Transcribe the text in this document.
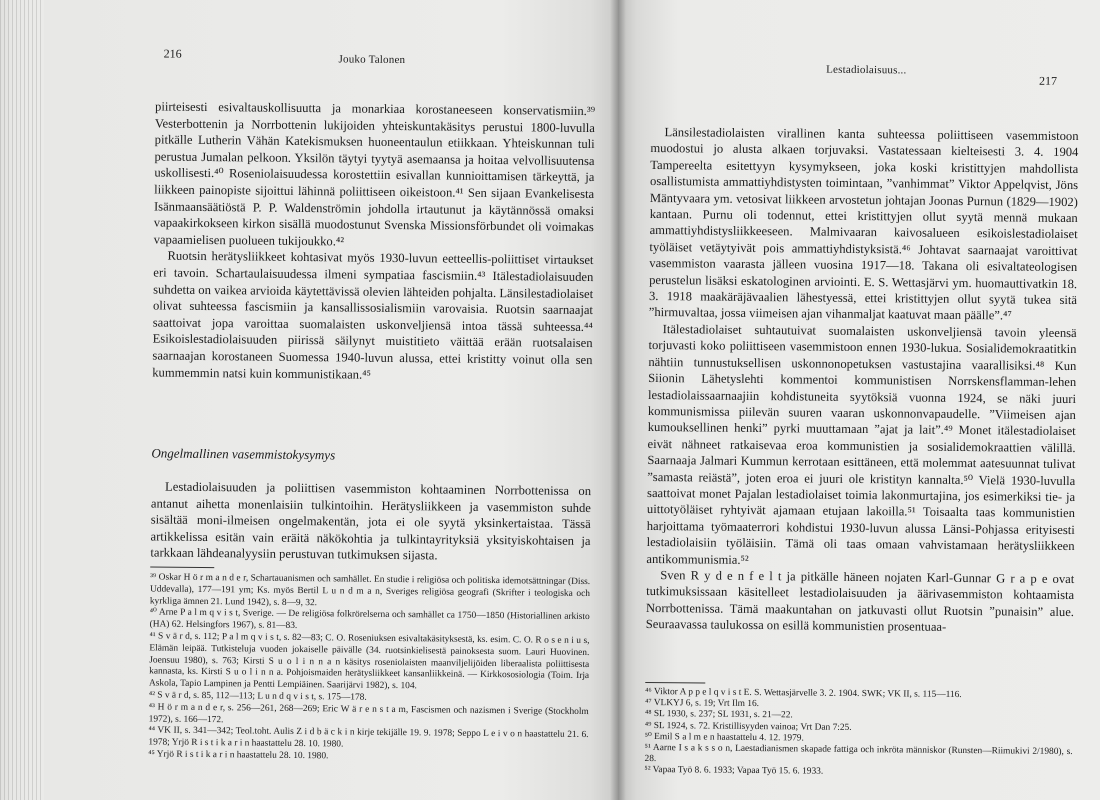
216	Jouko Talonen

piirteisesti esivaltauskollisuutta ja monarkiaa korostaneeseen konservatismiin.³⁹ Vesterbottenin ja Norrbottenin lukijoiden yhteiskuntakäsitys perustui 1800-luvulla pitkälle Lutherin Vähän Katekismuksen huoneentaulun etiikkaan. Yhteiskunnan tuli perustua Jumalan pelkoon. Yksilön täytyi tyytyä asemaansa ja hoitaa velvollisuutensa uskollisesti.⁴⁰ Roseniolaisuudessa korostettiin esivallan kunnioittamisen tärkeyttä, ja liikkeen painopiste sijoittui lähinnä poliittiseen oikeistoon.⁴¹ Sen sijaan Evankelisesta Isänmaansäätiöstä P. P. Waldenströmin johdolla irtautunut ja käytännössä omaksi vapaakirkokseen kirkon sisällä muodostunut Svenska Missionsförbundet oli voimakas vapaamielisen puolueen tukijoukko.⁴²

Ruotsin herätysliikkeet kohtasivat myös 1930-luvun eetteellis-poliittiset virtaukset eri tavoin. Schartaulaisuudessa ilmeni sympatiaa fascismiin.⁴³ Itälestadiolaisuuden suhdetta on vaikea arvioida käytettävissä olevien lähteiden pohjalta. Länsilestadiolaiset olivat suhteessa fascismiin ja kansallissosialismiin varovaisia. Ruotsin saarnaajat saattoivat jopa varoittaa suomalaisten uskonveljiensä intoa tässä suhteessa.⁴⁴ Esikoislestadiolaisuuden piirissä säilynyt muistitieto väittää erään ruotsalaisen saarnaajan korostaneen Suomessa 1940-luvun alussa, ettei kristitty voinut olla sen kummemmin natsi kuin kommunistikaan.⁴⁵

Ongelmallinen vasemmistokysymys

Lestadiolaisuuden ja poliittisen vasemmiston kohtaaminen Norrbottenissa on antanut aihetta monenlaisiin tulkintoihin. Herätysliikkeen ja vasemmiston suhde sisältää moni-ilmeisen ongelmakentän, jota ei ole syytä yksinkertaistaa. Tässä artikkelissa esitän vain eräitä näkökohtia ja tulkintayrityksiä yksityiskohtaisen ja tarkkaan lähdeanalyysiin perustuvan tutkimuksen sijasta.

³⁹ Oskar H ö r m a n d e r, Schartauanismen och samhället. En studie i religiösa och politiska idemotsättningar (Diss. Uddevalla), 177—191 ym; Ks. myös Bertil L u n d m a n, Sveriges religiösa geografi (Skrifter i teologiska och kyrkliga ämnen 21. Lund 1942), s. 8—9, 32.

⁴⁰ Arne P a l m q v i s t, Sverige. — De religiösa folkrörelserna och samhället ca 1750—1850 (Historiallinen arkisto (HA) 62. Helsingfors 1967), s. 81—83.

⁴¹ S v ä r d, s. 112; P a l m q v i s t, s. 82—83; C. O. Roseniuksen esivaltakäsityksestä, ks. esim. C. O. R o s e n i u s, Elämän leipää. Tutkisteluja vuoden jokaiselle päivälle (34. ruotsinkielisestä painoksesta suom. Lauri Huovinen. Joensuu 1980), s. 763; Kirsti S u o l i n n a n käsitys roseniolaisten maanviljelijöiden liberaalista poliittisesta kannasta, ks. Kirsti S u o l i n n a. Pohjoismaiden herätysliikkeet kansanliikkeinä. — Kirkkososiologia (Toim. Irja Askola, Tapio Lampinen ja Pentti Lempiäinen. Saarijärvi 1982), s. 104.

⁴² S v ä r d, s. 85, 112—113; L u n d q v i s t, s. 175—178.

⁴³ H ö r m a n d e r, s. 256—261, 268—269; Eric W ä r e n s t a m, Fascismen och nazismen i Sverige (Stockholm 1972), s. 166—172.

⁴⁴ VK II, s. 341—342; Teol.toht. Aulis Z i d b ä c k i n kirje tekijälle 19. 9. 1978; Seppo L e i v o n haastattelu 21. 6. 1978; Yrjö R i s t i k a r i n haastattelu 28. 10. 1980.

⁴⁵ Yrjö R i s t i k a r i n haastattelu 28. 10. 1980.

Lestadiolaisuus...
217

Länsilestadiolaisten virallinen kanta suhteessa poliittiseen vasemmistoon muodostui jo alusta alkaen torjuvaksi. Vastatessaan kielteisesti 3. 4. 1904 Tampereelta esitettyyn kysymykseen, joka koski kristittyjen mahdollista osallistumista ammattiyhdistysten toimintaan, ”vanhimmat” Viktor Appelqvist, Jöns Mäntyvaara ym. vetosivat liikkeen arvostetun johtajan Joonas Purnun (1829—1902) kantaan. Purnu oli todennut, ettei kristittyjen ollut syytä mennä mukaan ammattiyhdistysliikkeeseen. Malmivaaran kaivosalueen esikoislestadiolaiset työläiset vetäytyivät pois ammattiyhdistyksistä.⁴⁶ Johtavat saarnaajat varoittivat vasemmiston vaarasta jälleen vuosina 1917—18. Takana oli esivaltateologisen perustelun lisäksi eskatologinen arviointi. E. S. Wettasjärvi ym. huomauttivatkin 18. 3. 1918 maakäräjävaalien lähestyessä, ettei kristittyjen ollut syytä tukea sitä ”hirmuvaltaa, jossa viimeisen ajan vihanmaljat kaatuvat maan päälle”.⁴⁷

Itälestadiolaiset suhtautuivat suomalaisten uskonveljiensä tavoin yleensä torjuvasti koko poliittiseen vasemmistoon ennen 1930-lukua. Sosialidemokraatitkin nähtiin tunnustuksellisen uskonnonopetuksen vastustajina vaarallisiksi.⁴⁸ Kun Siionin Lähetyslehti kommentoi kommunistisen Norrskensflamman-lehen lestadiolaissaarnaajiin kohdistuneita syytöksiä vuonna 1924, se näki juuri kommunismissa piilevän suuren vaaran uskonnonvapaudelle. ”Viimeisen ajan kumouksellinen henki” pyrki muuttamaan ”ajat ja lait”.⁴⁹ Monet itälestadiolaiset eivät nähneet ratkaisevaa eroa kommunistien ja sosialidemokraattien välillä. Saarnaaja Jalmari Kummun kerrotaan esittäneen, että molemmat aatesuunnat tulivat ”samasta reiästä”, joten eroa ei juuri ole kristityn kannalta.⁵⁰ Vielä 1930-luvulla saattoivat monet Pajalan lestadiolaiset toimia lakonmurtajina, jos esimerkiksi tie- ja uittotyöläiset ryhtyivät ajamaan etujaan lakoilla.⁵¹ Toisaalta taas kommunistien harjoittama työmaaterrori kohdistui 1930-luvun alussa Länsi-Pohjassa erityisesti lestadiolaisiin työläisiin. Tämä oli taas omaan vahvistamaan herätysliikkeen antikommunismia.⁵²

Sven R y d e n f e l t ja pitkälle häneen nojaten Karl-Gunnar G r a p e ovat tutkimuksissaan käsitelleet lestadiolaisuuden ja äärivasemmiston kohtaamista Norrbottenissa. Tämä maakuntahan on jatkuvasti ollut Ruotsin ”punaisin” alue. Seuraavassa taulukossa on esillä kommunistien prosentuaa-

⁴⁶ Viktor A p p e l q v i s t E. S. Wettasjärvelle 3. 2. 1904. SWK; VK II, s. 115—116.

⁴⁷ VLKYJ 6, s. 19; Vrt Ilm 16.

⁴⁸ SL 1930, s. 237; SL 1931, s. 21—22.

⁴⁹ SL 1924, s. 72. Kristillisyyden vainoa; Vrt Dan 7:25.

⁵⁰ Emil S a l m e n haastattelu 4. 12. 1979.

⁵¹ Aarne I s a k s s o n, Laestadianismen skapade fattiga och inkröta människor (Runsten—Riimukivi 2/1980), s. 28.

⁵² Vapaa Työ 8. 6. 1933; Vapaa Työ 15. 6. 1933.
